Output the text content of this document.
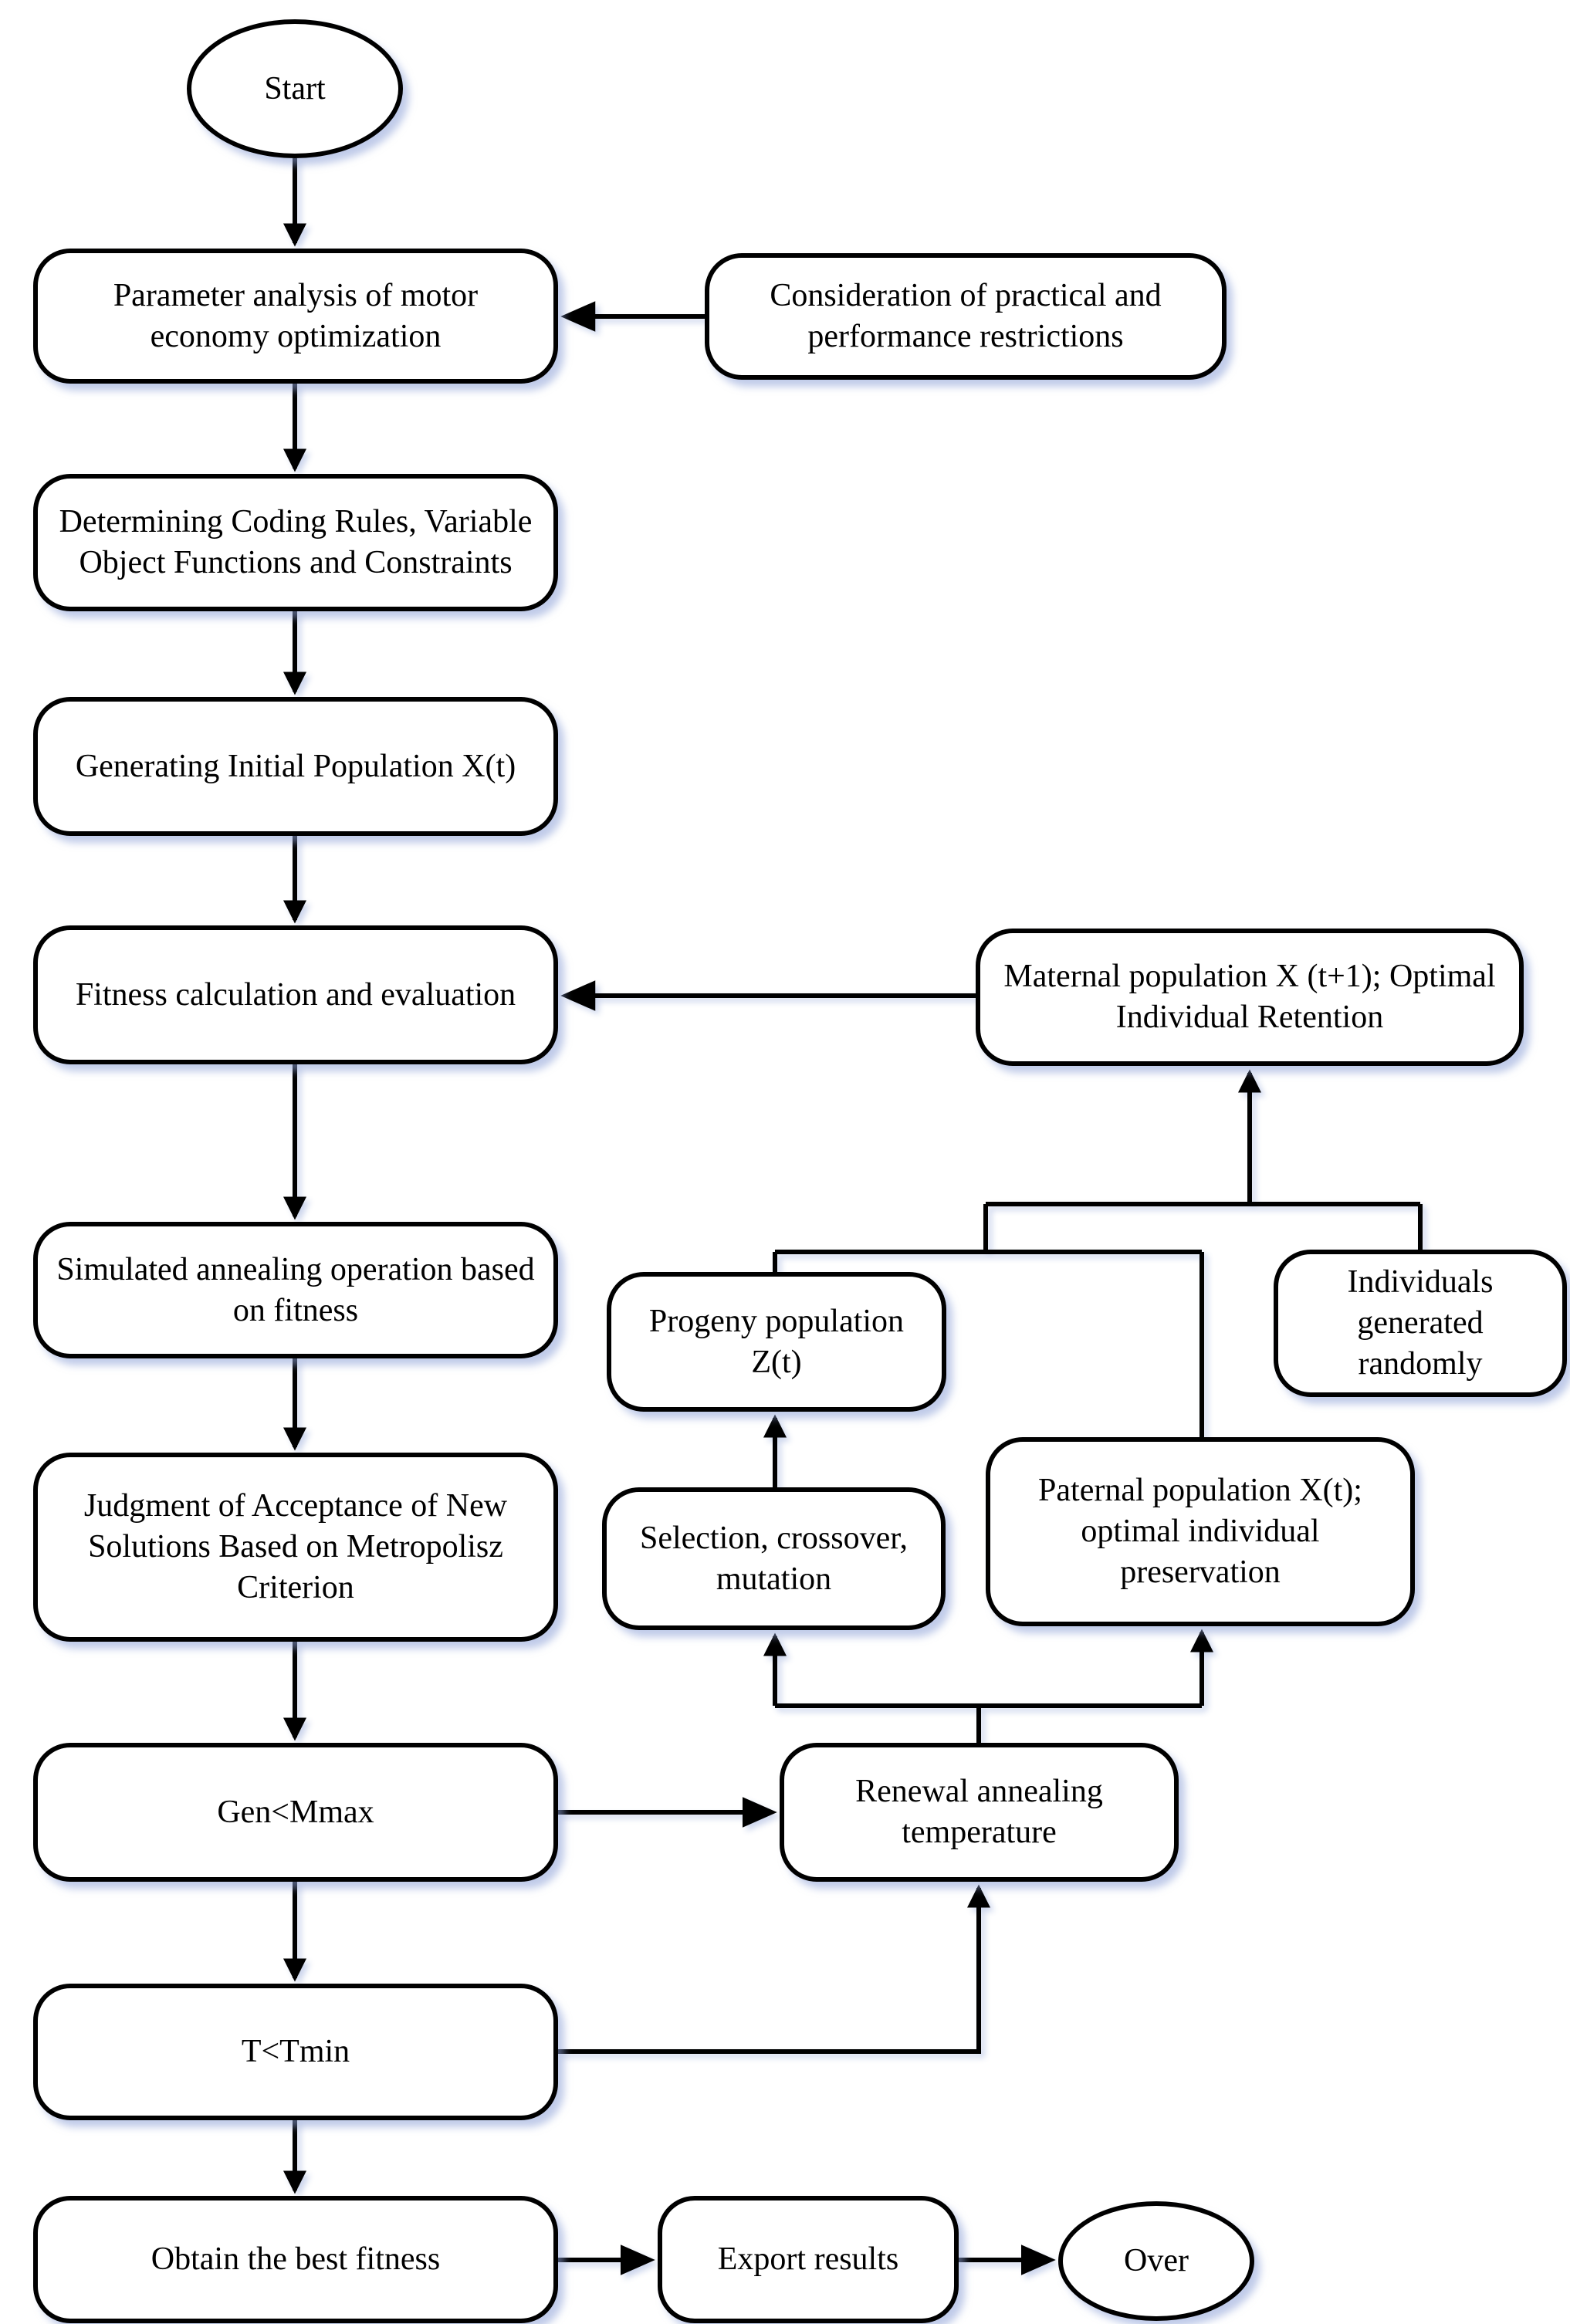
Start
Parameter analysis of motor economy optimization
Consideration of practical and performance restrictions
Determining Coding Rules, Variable Object Functions and Constraints
Generating Initial Population X(t)
Fitness calculation and evaluation
Maternal population X (t+1); Optimal Individual Retention
Simulated annealing operation based on fitness	Progeny population Z(t)
Individuals generated randomly
Judgment of Acceptance of New Solutions Based on Metropolisz Criterion
Selection, crossover, mutation
Paternal population X(t); optimal individual preservation
Gen<Mmax
Renewal annealing temperature
T<Tmin
Obtain the best fitness	Export results	Over
